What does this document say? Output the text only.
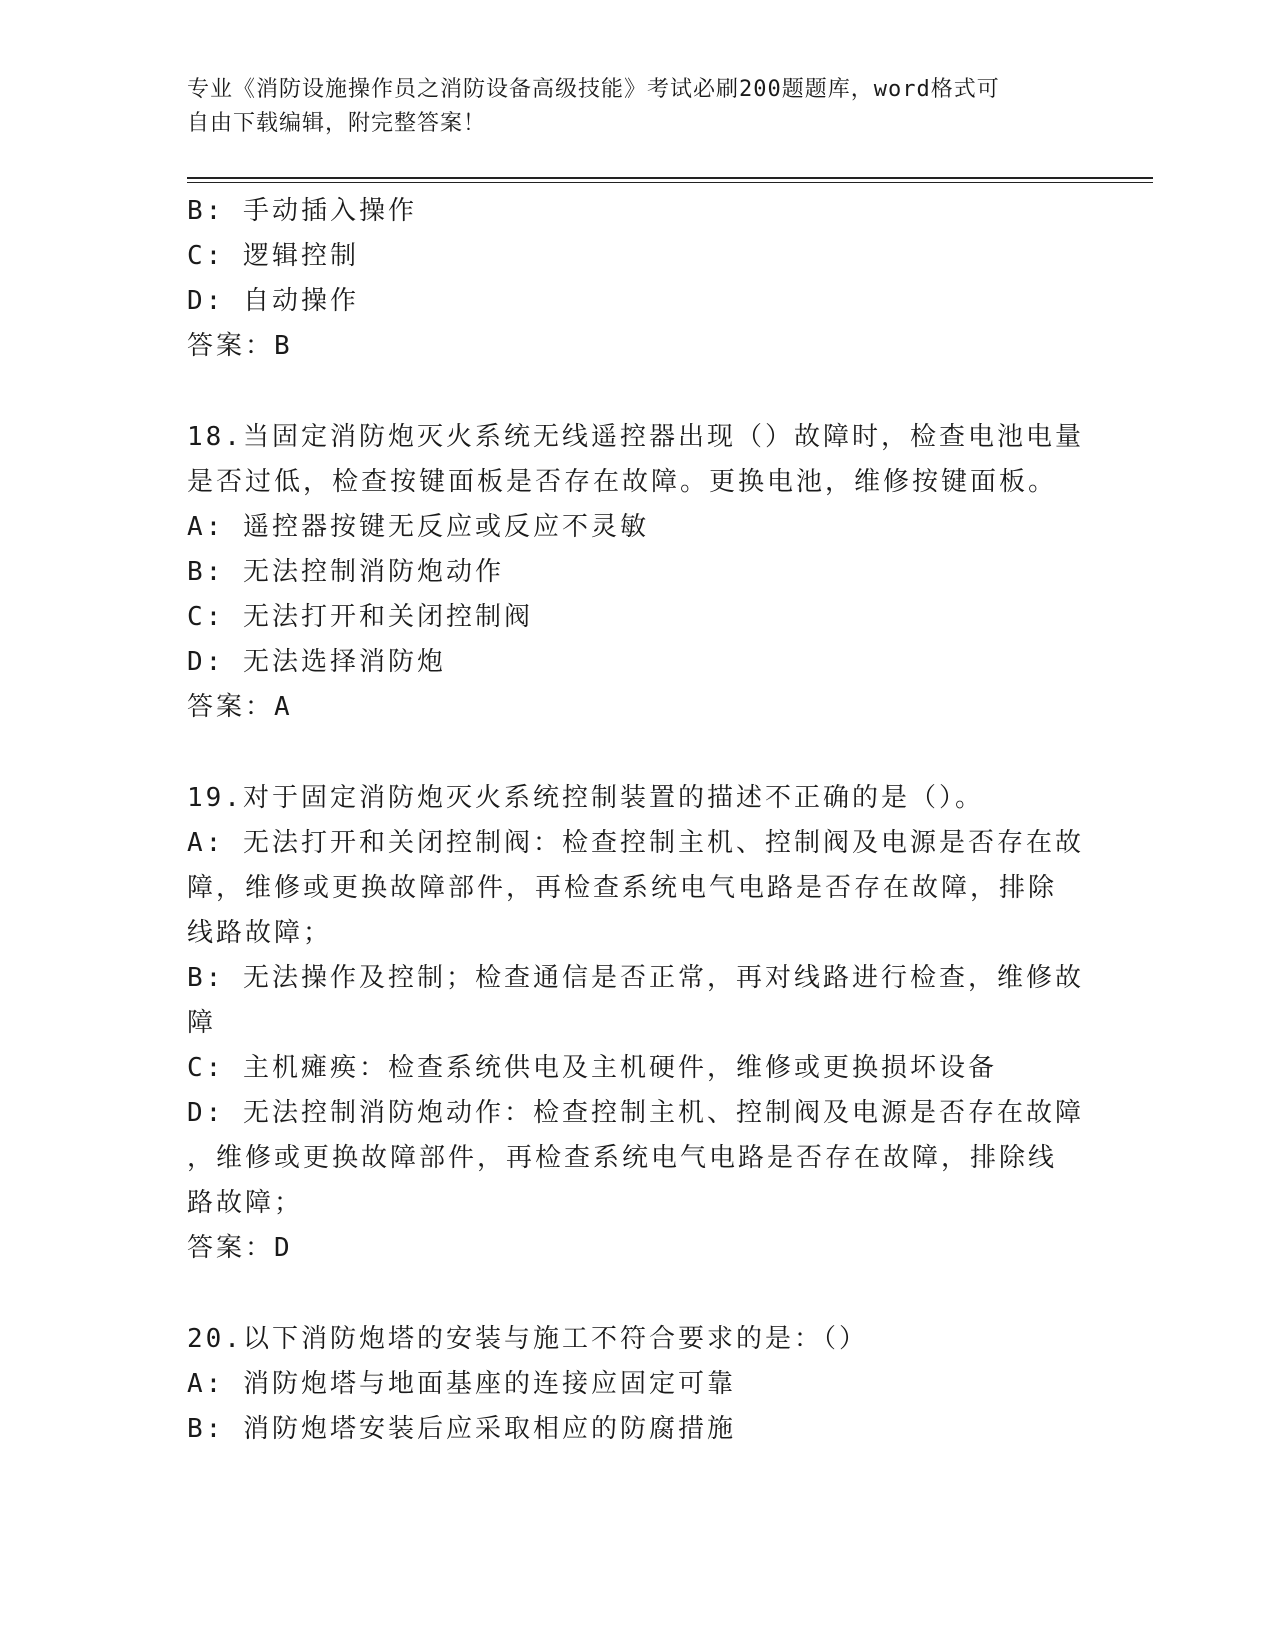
专业《消防设施操作员之消防设备高级技能》考试必刷200题题库，word格式可
自由下载编辑，附完整答案！
B: 手动插入操作
C: 逻辑控制
D: 自动操作
答案：B
18.当固定消防炮灭火系统无线遥控器出现（）故障时，检查电池电量
是否过低，检查按键面板是否存在故障。更换电池，维修按键面板。
A: 遥控器按键无反应或反应不灵敏
B: 无法控制消防炮动作
C: 无法打开和关闭控制阀
D: 无法选择消防炮
答案：A
19.对于固定消防炮灭火系统控制装置的描述不正确的是（）。
A: 无法打开和关闭控制阀：检查控制主机、控制阀及电源是否存在故
障，维修或更换故障部件，再检查系统电气电路是否存在故障，排除
线路故障；
B: 无法操作及控制；检查通信是否正常，再对线路进行检查，维修故
障
C: 主机瘫痪：检查系统供电及主机硬件，维修或更换损坏设备
D: 无法控制消防炮动作：检查控制主机、控制阀及电源是否存在故障
，维修或更换故障部件，再检查系统电气电路是否存在故障，排除线
路故障；
答案：D
20.以下消防炮塔的安装与施工不符合要求的是：（）
A: 消防炮塔与地面基座的连接应固定可靠
B: 消防炮塔安装后应采取相应的防腐措施
